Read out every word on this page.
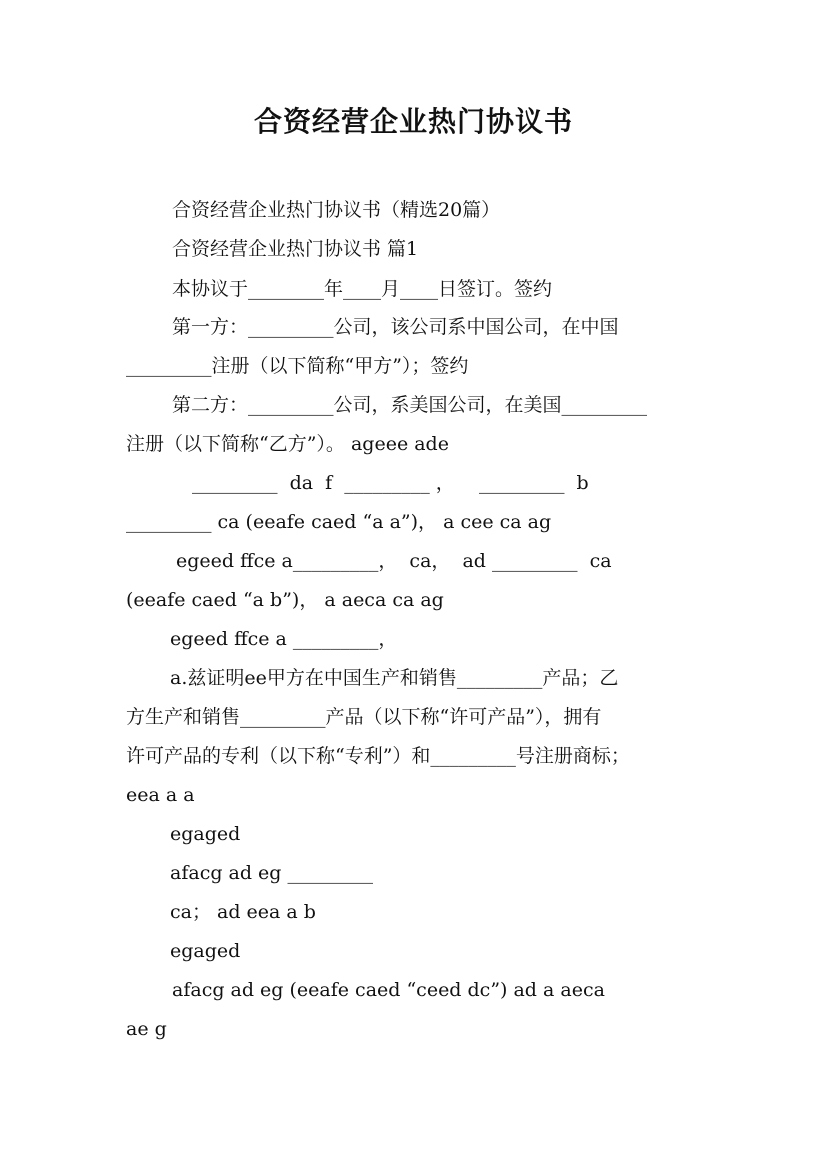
合资经营企业热门协议书
合资经营企业热门协议书（精选20篇）
合资经营企业热门协议书 篇1
本协议于________年____月____日签订。签约
第一方：_________公司，该公司系中国公司，在中国
_________注册（以下简称“甲方”）；签约
第二方：_________公司，系美国公司，在美国_________
注册（以下简称“乙方”）。 ageee ade
_________  da  f  _________ ，    _________  b
_________ ca (eeafe caed “a a”)， a cee ca ag
egeed ffce a_________，  ca，  ad _________  ca
(eeafe caed “a b”)， a aeca ca ag
egeed ffce a _________，
a.兹证明ee甲方在中国生产和销售_________产品；乙
方生产和销售_________产品（以下称“许可产品”），拥有
许可产品的专利（以下称“专利”）和_________号注册商标；
eea a a
egaged
afacg ad eg _________
ca； ad eea a b
egaged
afacg ad eg (eeafe caed “ceed dc”) ad a aeca
ae g
